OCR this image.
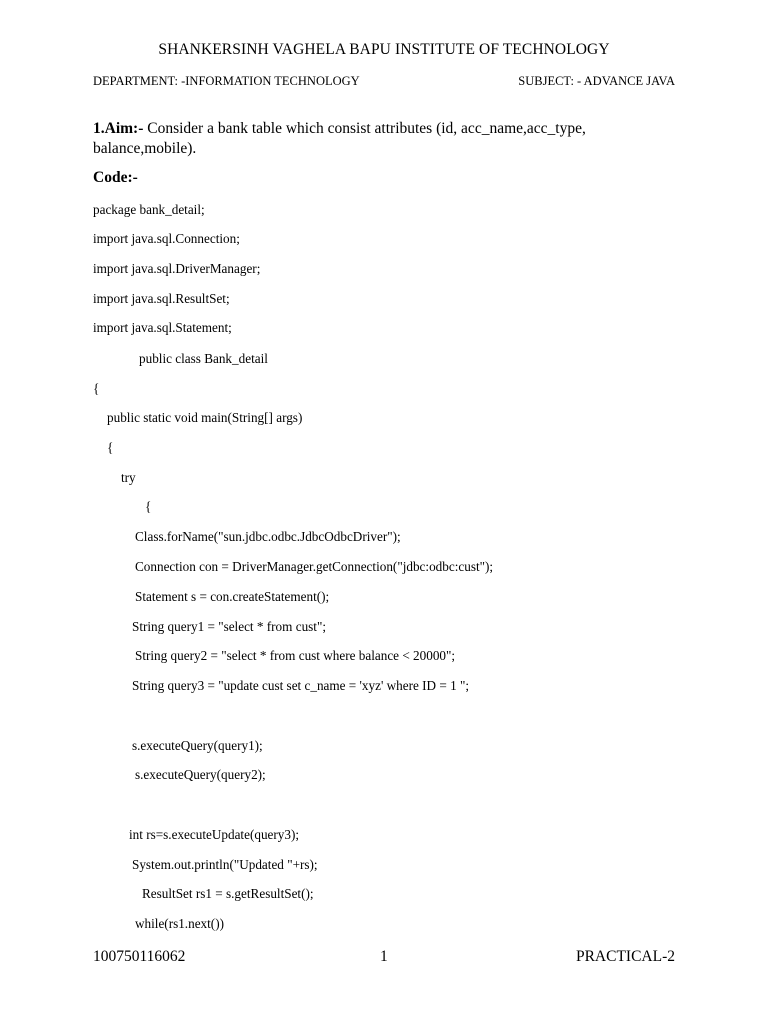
SHANKERSINH VAGHELA BAPU INSTITUTE OF TECHNOLOGY
DEPARTMENT: -INFORMATION TECHNOLOGY	SUBJECT: - ADVANCE JAVA
1.Aim:- Consider a bank table which consist attributes (id, acc_name,acc_type, balance,mobile).
Code:-
package bank_detail;
import java.sql.Connection;
import java.sql.DriverManager;
import java.sql.ResultSet;
import java.sql.Statement;
public class Bank_detail
{
public static void main(String[] args)
{
try
{
Class.forName("sun.jdbc.odbc.JdbcOdbcDriver");
Connection con = DriverManager.getConnection("jdbc:odbc:cust");
Statement s = con.createStatement();
String query1 = "select * from cust";
String query2 = "select * from cust where balance < 20000";
String query3 = "update cust set c_name = 'xyz' where ID = 1 ";
s.executeQuery(query1);
s.executeQuery(query2);
int rs=s.executeUpdate(query3);
System.out.println("Updated "+rs);
ResultSet rs1 = s.getResultSet();
while(rs1.next())
100750116062	1	PRACTICAL-2
